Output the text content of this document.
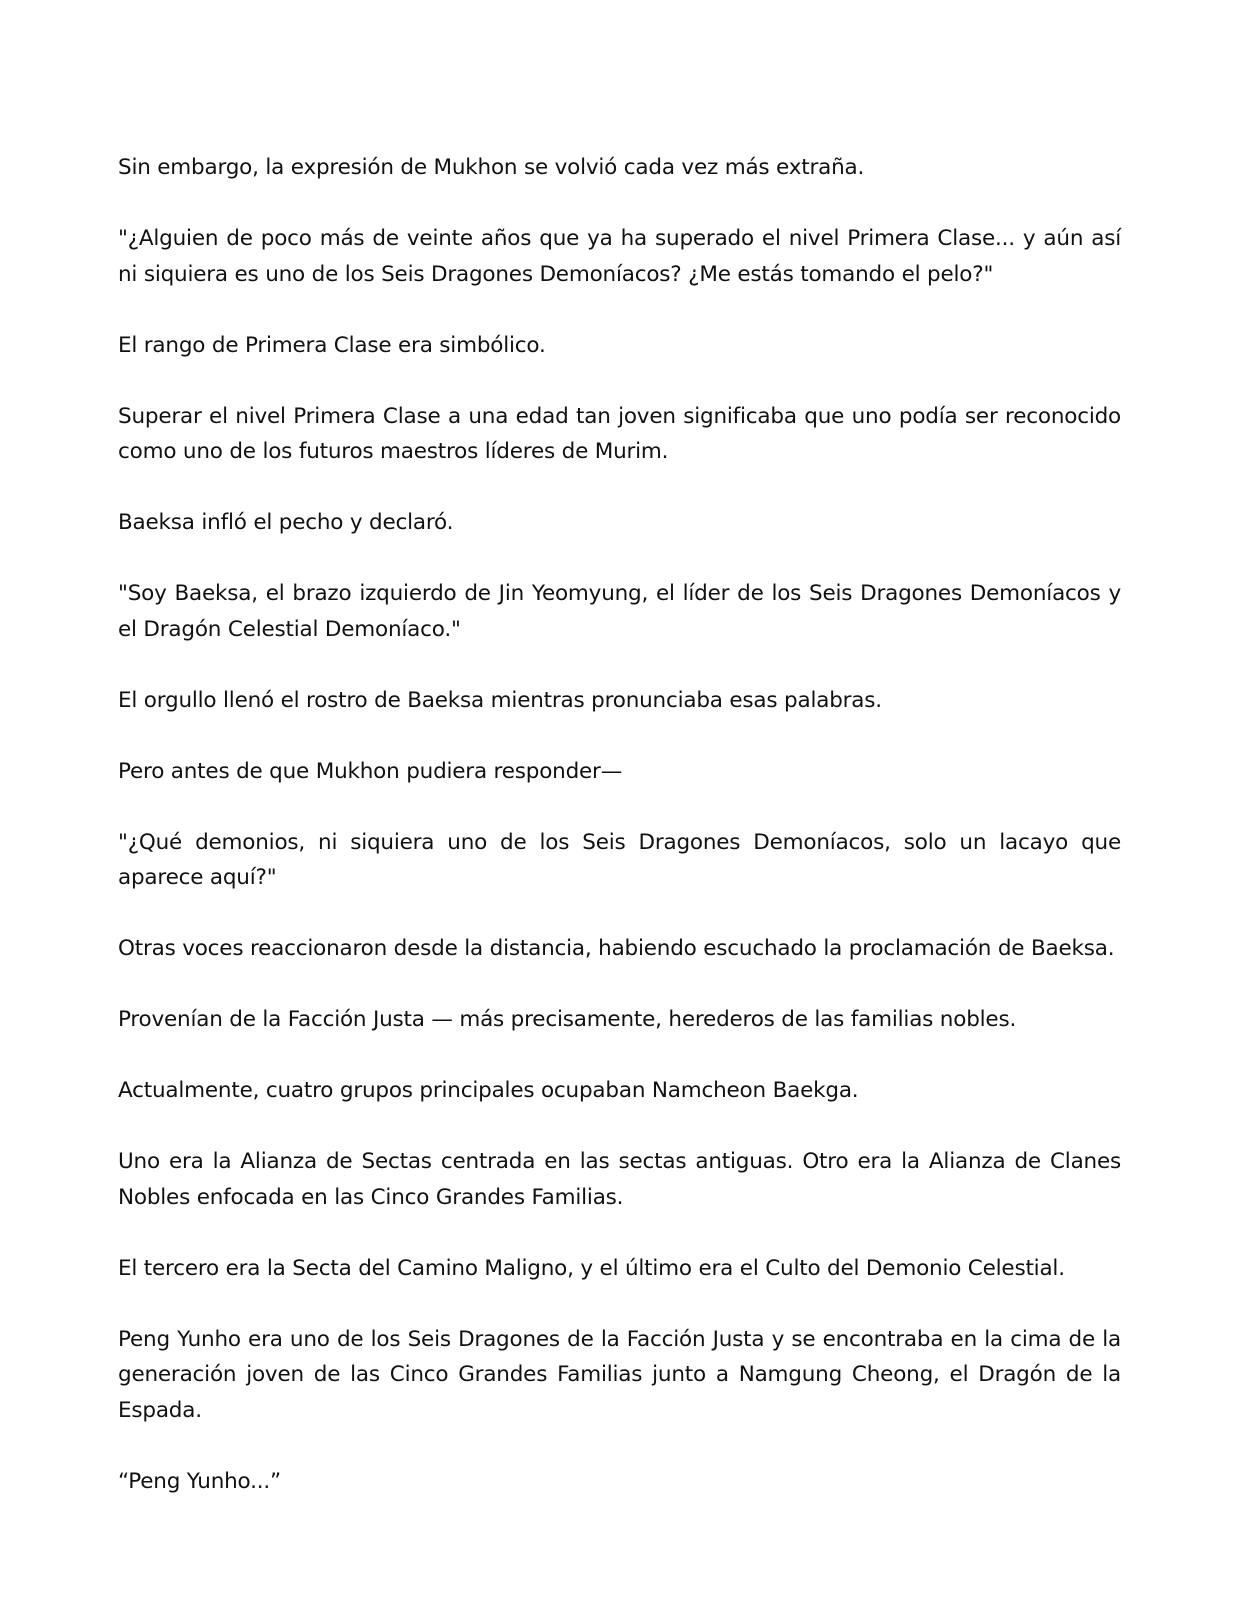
Sin embargo, la expresión de Mukhon se volvió cada vez más extraña.

"¿Alguien de poco más de veinte años que ya ha superado el nivel Primera Clase... y aún así ni siquiera es uno de los Seis Dragones Demoníacos? ¿Me estás tomando el pelo?"

El rango de Primera Clase era simbólico.

Superar el nivel Primera Clase a una edad tan joven significaba que uno podía ser reconocido como uno de los futuros maestros líderes de Murim.

Baeksa infló el pecho y declaró.

"Soy Baeksa, el brazo izquierdo de Jin Yeomyung, el líder de los Seis Dragones Demoníacos y el Dragón Celestial Demoníaco."

El orgullo llenó el rostro de Baeksa mientras pronunciaba esas palabras.

Pero antes de que Mukhon pudiera responder—

"¿Qué demonios, ni siquiera uno de los Seis Dragones Demoníacos, solo un lacayo que aparece aquí?"

Otras voces reaccionaron desde la distancia, habiendo escuchado la proclamación de Baeksa.

Provenían de la Facción Justa — más precisamente, herederos de las familias nobles.

Actualmente, cuatro grupos principales ocupaban Namcheon Baekga.

Uno era la Alianza de Sectas centrada en las sectas antiguas. Otro era la Alianza de Clanes Nobles enfocada en las Cinco Grandes Familias.

El tercero era la Secta del Camino Maligno, y el último era el Culto del Demonio Celestial.

Peng Yunho era uno de los Seis Dragones de la Facción Justa y se encontraba en la cima de la generación joven de las Cinco Grandes Familias junto a Namgung Cheong, el Dragón de la Espada.

“Peng Yunho...”
